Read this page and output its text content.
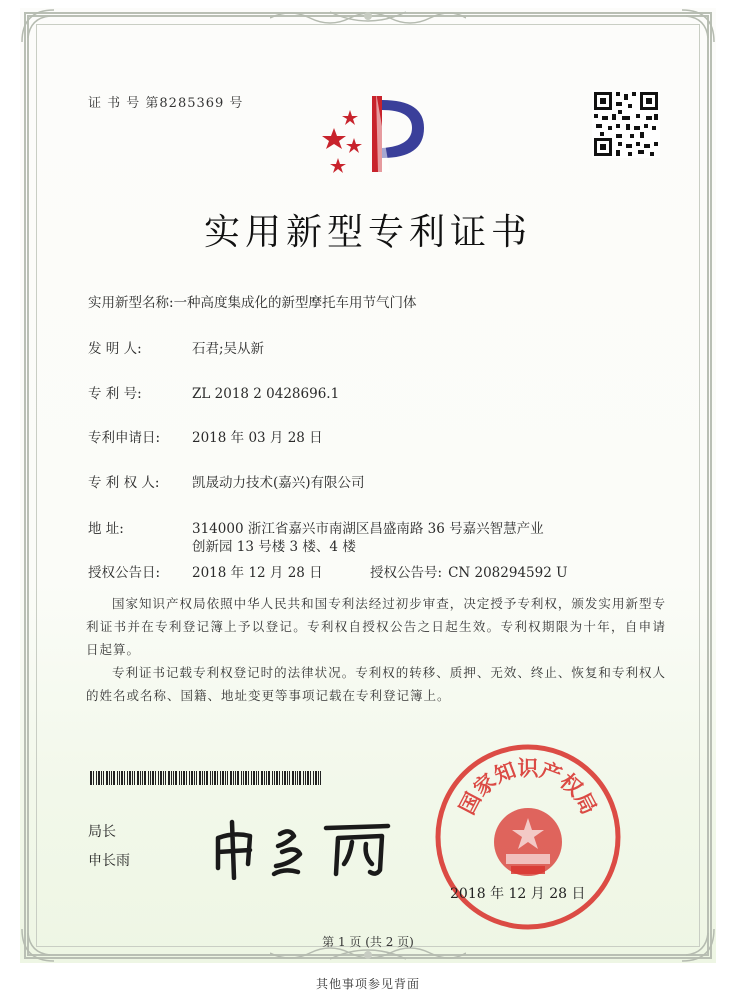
证 书 号 第8285369 号
实用新型专利证书
实用新型名称:一种高度集成化的新型摩托车用节气门体
发 明 人:	石君;吴从新
专 利 号:	ZL 2018 2 0428696.1
专利申请日: 2018 年 03 月 28 日
专 利 权 人: 凯晟动力技术(嘉兴)有限公司
地 址:	314000 浙江省嘉兴市南湖区昌盛南路 36 号嘉兴智慧产业
创新园 13 号楼 3 楼、4 楼
授权公告日: 2018 年 12 月 28 日	授权公告号: CN 208294592 U
国家知识产权局依照中华人民共和国专利法经过初步审查，决定授予专利权，颁发实用新型专利证书并在专利登记簿上予以登记。专利权自授权公告之日起生效。专利权期限为十年，自申请日起算。
专利证书记载专利权登记时的法律状况。专利权的转移、质押、无效、终止、恢复和专利权人的姓名或名称、国籍、地址变更等事项记载在专利登记簿上。
局长
申长雨
国家知识产权局
2018 年 12 月 28 日
第 1 页 (共 2 页)
其他事项参见背面
